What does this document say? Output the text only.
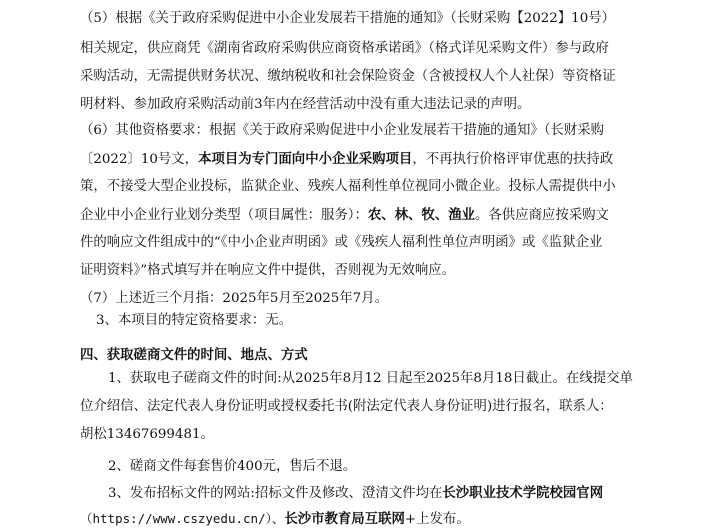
（5）根据《关于政府采购促进中小企业发展若干措施的通知》（长财采购【2022】10号）
相关规定，供应商凭《湖南省政府采购供应商资格承诺函》（格式详见采购文件）参与政府
采购活动，无需提供财务状况、缴纳税收和社会保险资金（含被授权人个人社保）等资格证
明材料、参加政府采购活动前3年内在经营活动中没有重大违法记录的声明。
（6）其他资格要求：根据《关于政府采购促进中小企业发展若干措施的通知》（长财采购
〔2022〕10号文，本项目为专门面向中小企业采购项目，不再执行价格评审优惠的扶持政
策，不接受大型企业投标，监狱企业、残疾人福利性单位视同小微企业。投标人需提供中小
企业中小企业行业划分类型（项目属性：服务）：农、林、牧、渔业。各供应商应按采购文
件的响应文件组成中的“《中小企业声明函》或《残疾人福利性单位声明函》或《监狱企业
证明资料》”格式填写并在响应文件中提供，否则视为无效响应。
（7）上述近三个月指：2025年5月至2025年7月。
3、本项目的特定资格要求：无。
四、获取磋商文件的时间、地点、方式
1、获取电子磋商文件的时间:从2025年8月12 日起至2025年8月18日截止。在线提交单
位介绍信、法定代表人身份证明或授权委托书(附法定代表人身份证明)进行报名，联系人：
胡松13467699481。
2、磋商文件每套售价400元，售后不退。
3、发布招标文件的网站:招标文件及修改、澄清文件均在长沙职业技术学院校园官网
（https://www.cszyedu.cn/）、长沙市教育局互联网+上发布。
